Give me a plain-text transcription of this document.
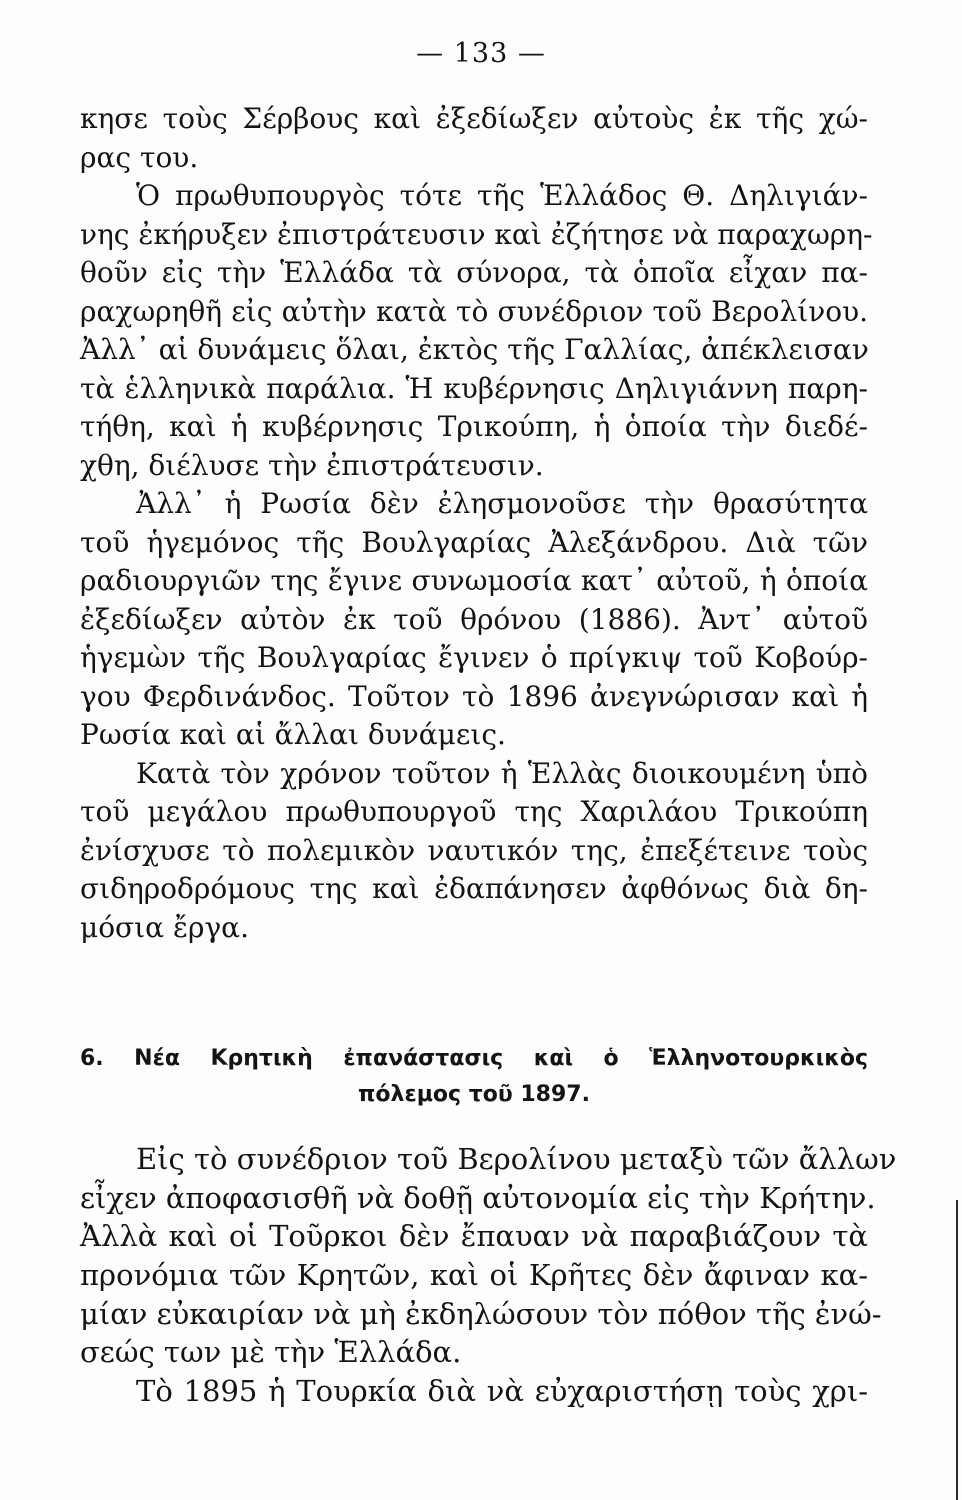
— 133 —
κησε τοὺς Σέρβους καὶ ἐξεδίωξεν αὐτοὺς ἐκ τῆς χώ-
ρας του.
Ὁ πρωθυπουργὸς τότε τῆς Ἑλλάδος Θ. Δηλιγιάν-
νης ἐκήρυξεν ἐπιστράτευσιν καὶ ἐζήτησε νὰ παραχωρη-
θοῦν εἰς τὴν Ἑλλάδα τὰ σύνορα, τὰ ὁποῖα εἶχαν πα-
ραχωρηθῆ εἰς αὐτὴν κατὰ τὸ συνέδριον τοῦ Βερολίνου.
Ἀλλ᾿ αἱ δυνάμεις ὅλαι, ἐκτὸς τῆς Γαλλίας, ἀπέκλεισαν
τὰ ἑλληνικὰ παράλια. Ἡ κυβέρνησις Δηλιγιάννη παρη-
τήθη, καὶ ἡ κυβέρνησις Τρικούπη, ἡ ὁποία τὴν διεδέ-
χθη, διέλυσε τὴν ἐπιστράτευσιν.
Ἀλλ᾿ ἡ Ρωσία δὲν ἐλησμονοῦσε τὴν θρασύτητα
τοῦ ἡγεμόνος τῆς Βουλγαρίας Ἀλεξάνδρου. Διὰ τῶν
ραδιουργιῶν της ἔγινε συνωμοσία κατ᾿ αὐτοῦ, ἡ ὁποία
ἐξεδίωξεν αὐτὸν ἐκ τοῦ θρόνου (1886). Ἀντ᾿ αὐτοῦ
ἡγεμὼν τῆς Βουλγαρίας ἔγινεν ὁ πρίγκιψ τοῦ Κοβούρ-
γου Φερδινάνδος. Τοῦτον τὸ 1896 ἀνεγνώρισαν καὶ ἡ
Ρωσία καὶ αἱ ἄλλαι δυνάμεις.
Κατὰ τὸν χρόνον τοῦτον ἡ Ἑλλὰς διοικουμένη ὑπὸ
τοῦ μεγάλου πρωθυπουργοῦ της Χαριλάου Τρικούπη
ἐνίσχυσε τὸ πολεμικὸν ναυτικόν της, ἐπεξέτεινε τοὺς
σιδηροδρόμους της καὶ ἐδαπάνησεν ἀφθόνως διὰ δη-
μόσια ἔργα.
6. Νέα Κρητικὴ ἐπανάστασις καὶ ὁ Ἑλληνοτουρκικὸς
πόλεμος τοῦ 1897.
Εἰς τὸ συνέδριον τοῦ Βερολίνου μεταξὺ τῶν ἄλλων
εἶχεν ἀποφασισθῆ νὰ δοθῇ αὐτονομία εἰς τὴν Κρήτην.
Ἀλλὰ καὶ οἱ Τοῦρκοι δὲν ἔπαυαν νὰ παραβιάζουν τὰ
προνόμια τῶν Κρητῶν, καὶ οἱ Κρῆτες δὲν ἄφιναν κα-
μίαν εὐκαιρίαν νὰ μὴ ἐκδηλώσουν τὸν πόθον τῆς ἐνώ-
σεώς των μὲ τὴν Ἑλλάδα.
Τὸ 1895 ἡ Τουρκία διὰ νὰ εὐχαριστήσῃ τοὺς χρι-
